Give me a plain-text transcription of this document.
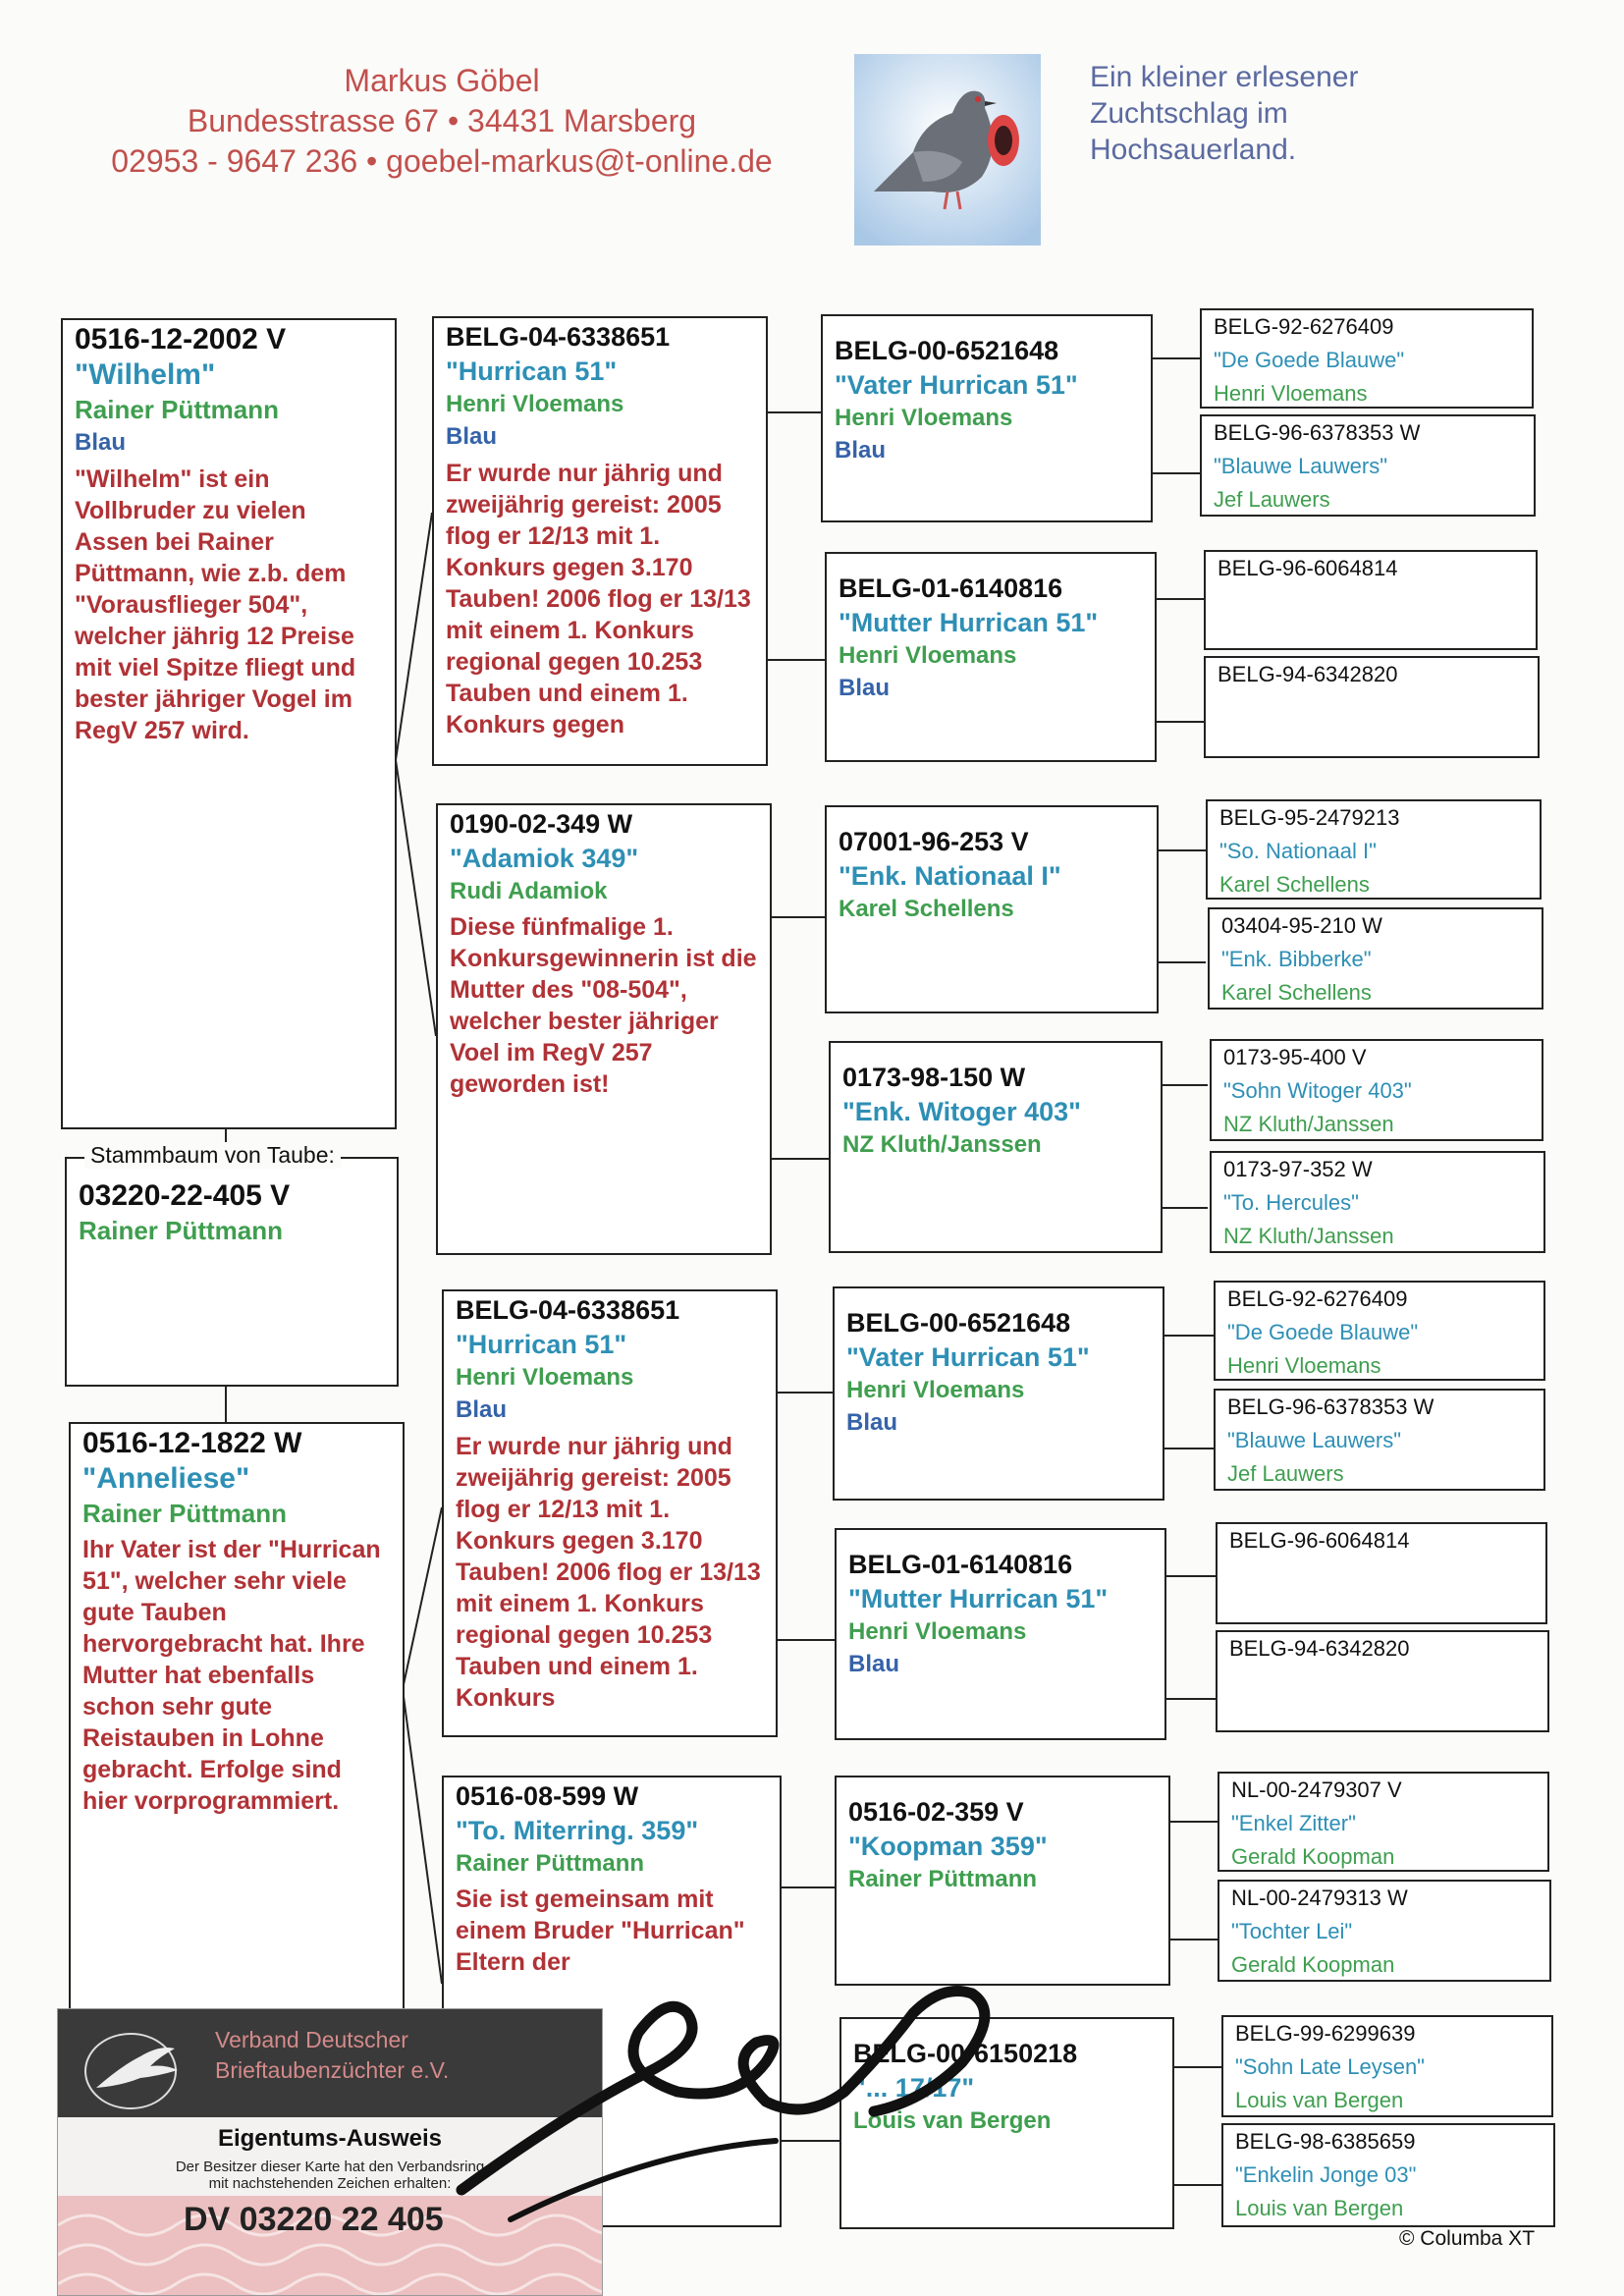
Markus Göbel
Bundesstrasse 67 • 34431 Marsberg
02953 - 9647 236 • goebel-markus@t-online.de
Ein kleiner erlesener
Zuchtschlag im
Hochsauerland.
0516-12-2002 V
"Wilhelm"
Rainer Püttmann
Blau
"Wilhelm" ist ein Vollbruder zu vielen Assen bei Rainer Püttmann, wie z.b. dem "Vorausflieger 504", welcher jährig 12 Preise mit viel Spitze fliegt und bester jähriger Vogel im RegV 257 wird.
03220-22-405 V
Rainer Püttmann
Stammbaum von Taube:
0516-12-1822 W
"Anneliese"
Rainer Püttmann
Ihr Vater ist der "Hurrican 51", welcher sehr viele gute Tauben hervorgebracht hat. Ihre Mutter hat ebenfalls schon sehr gute Reistauben in Lohne gebracht. Erfolge sind hier vorprogrammiert.
BELG-04-6338651
"Hurrican 51"
Henri Vloemans
Blau
Er wurde nur jährig und zweijährig gereist: 2005 flog er 12/13 mit 1. Konkurs gegen 3.170 Tauben! 2006 flog er 13/13 mit einem 1. Konkurs regional gegen 10.253 Tauben und einem 1. Konkurs gegen
0190-02-349 W
"Adamiok 349"
Rudi Adamiok
Diese fünfmalige 1. Konkursgewinnerin ist die Mutter des "08-504", welcher bester jähriger Voel im RegV 257 geworden ist!
BELG-04-6338651
"Hurrican 51"
Henri Vloemans
Blau
Er wurde nur jährig und zweijährig gereist: 2005 flog er 12/13 mit 1. Konkurs gegen 3.170 Tauben! 2006 flog er 13/13 mit einem 1. Konkurs regional gegen 10.253 Tauben und einem 1. Konkurs
0516-08-599 W
"To. Miterring. 359"
Rainer Püttmann
Sie ist gemeinsam mit einem Bruder "Hurrican" Eltern der
BELG-00-6521648
"Vater Hurrican 51"
Henri Vloemans
Blau
BELG-01-6140816
"Mutter Hurrican 51"
Henri Vloemans
Blau
07001-96-253 V
"Enk. Nationaal I"
Karel Schellens
0173-98-150 W
"Enk. Witoger 403"
NZ Kluth/Janssen
BELG-00-6521648
"Vater Hurrican 51"
Henri Vloemans
Blau
BELG-01-6140816
"Mutter Hurrican 51"
Henri Vloemans
Blau
0516-02-359 V
"Koopman 359"
Rainer Püttmann
BELG-00-6150218
"... 17/17"
Louis van Bergen
BELG-92-6276409
"De Goede Blauwe"
Henri Vloemans
BELG-96-6378353 W
"Blauwe Lauwers"
Jef Lauwers
BELG-96-6064814
BELG-94-6342820
BELG-95-2479213
"So. Nationaal I"
Karel Schellens
03404-95-210 W
"Enk. Bibberke"
Karel Schellens
0173-95-400 V
"Sohn Witoger 403"
NZ Kluth/Janssen
0173-97-352 W
"To. Hercules"
NZ Kluth/Janssen
BELG-92-6276409
"De Goede Blauwe"
Henri Vloemans
BELG-96-6378353 W
"Blauwe Lauwers"
Jef Lauwers
BELG-96-6064814
BELG-94-6342820
NL-00-2479307 V
"Enkel Zitter"
Gerald Koopman
NL-00-2479313 W
"Tochter Lei"
Gerald Koopman
BELG-99-6299639
"Sohn Late Leysen"
Louis van Bergen
BELG-98-6385659
"Enkelin Jonge 03"
Louis van Bergen
© Columba XT
Verband Deutscher
Brieftaubenzüchter e.V.
Eigentums-Ausweis
Der Besitzer dieser Karte hat den Verbandsring
mit nachstehenden Zeichen erhalten:
DV 03220 22 405
